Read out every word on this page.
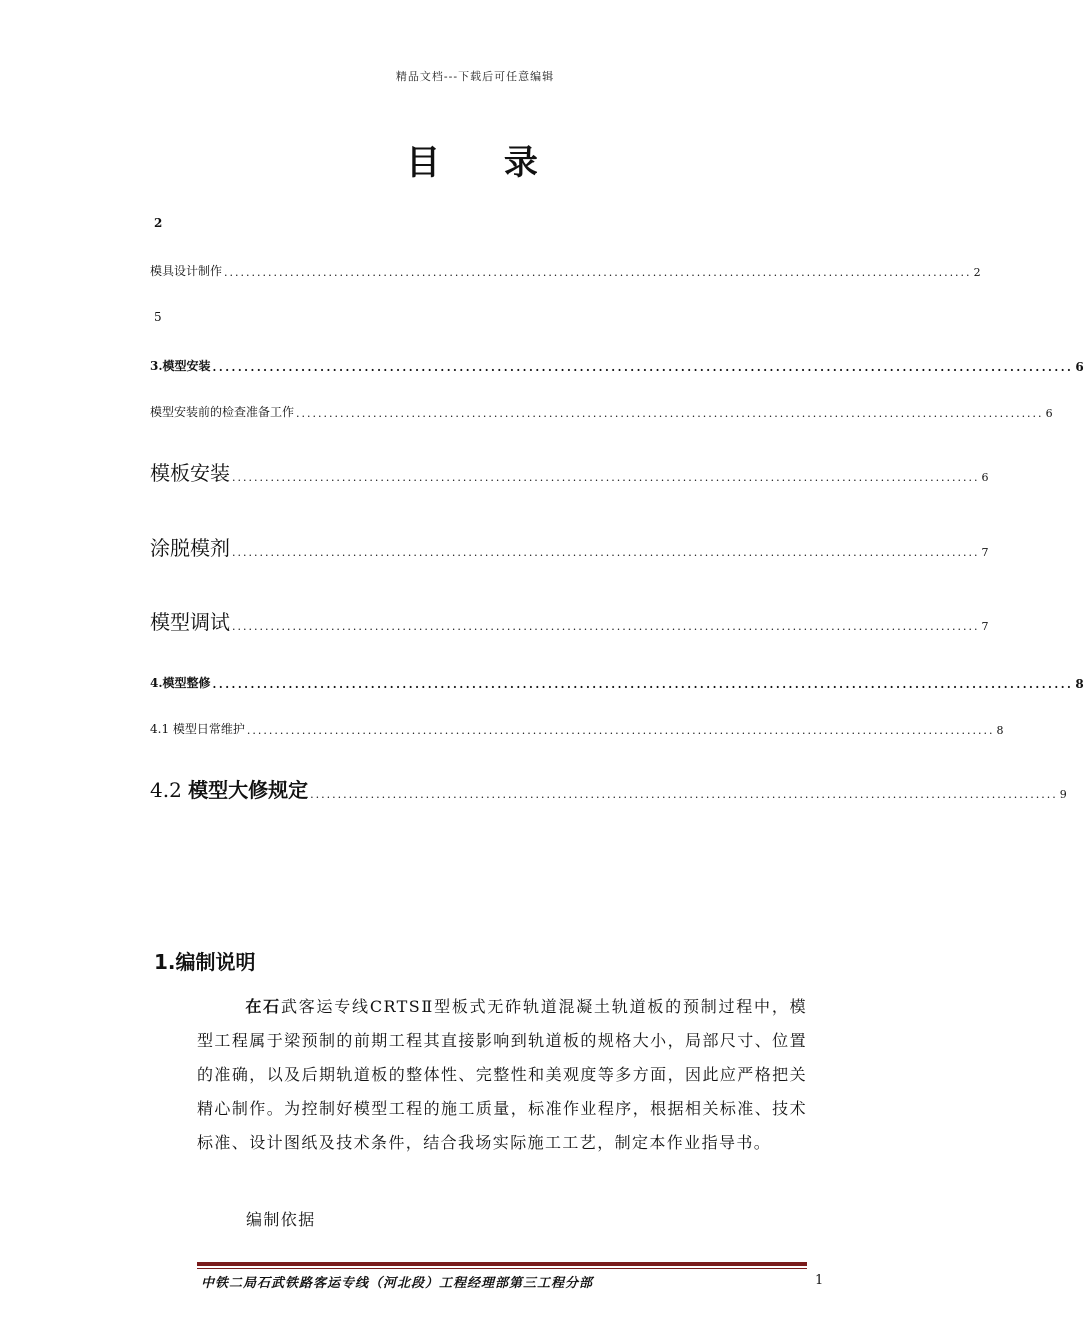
精品文档---下载后可任意编辑
目 录
2
模具设计制作 ........................................................................................................................................ 2
5
3.模型安装 ........................................................................................................................................ 6
模型安装前的检查准备工作 ........................................................................................................................................ 6
模板安装 ........................................................................................................................................ 6
涂脱模剂 ........................................................................................................................................ 7
模型调试 ........................................................................................................................................ 7
4.模型整修 ........................................................................................................................................ 8
4.1 模型日常维护 ........................................................................................................................................ 8
4.2 模型大修规定 ........................................................................................................................................ 9
1.编制说明
在石武客运专线CRTSⅡ型板式无砟轨道混凝土轨道板的预制过程中，模型工程属于梁预制的前期工程其直接影响到轨道板的规格大小，局部尺寸、位置的准确，以及后期轨道板的整体性、完整性和美观度等多方面，因此应严格把关精心制作。为控制好模型工程的施工质量，标准作业程序，根据相关标准、技术标准、设计图纸及技术条件，结合我场实际施工工艺，制定本作业指导书。
编制依据
中铁二局石武铁路客运专线（河北段）工程经理部第三工程分部	1
